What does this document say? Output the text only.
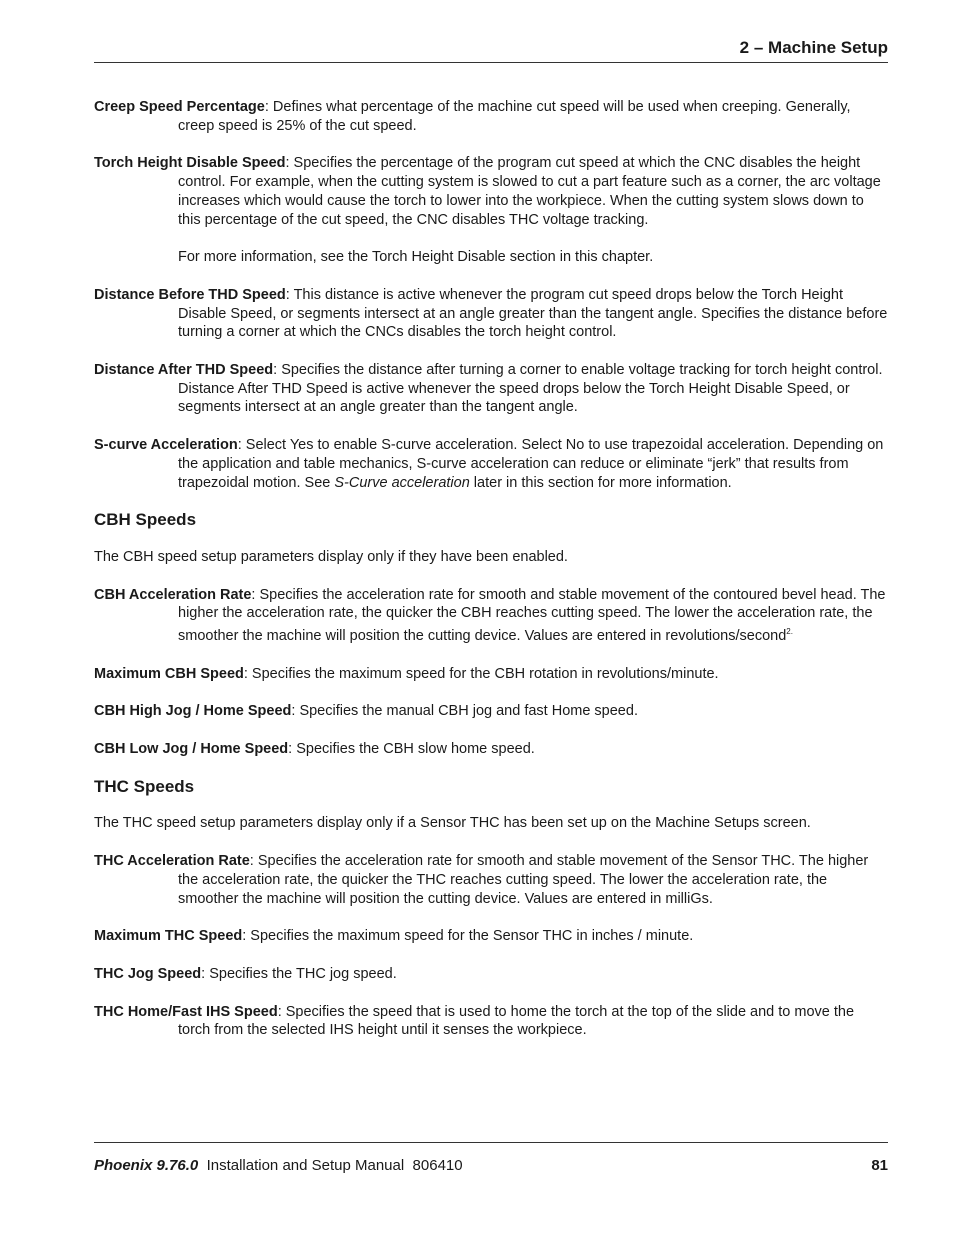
2 – Machine Setup

Creep Speed Percentage: Defines what percentage of the machine cut speed will be used when creeping. Generally, creep speed is 25% of the cut speed.

Torch Height Disable Speed: Specifies the percentage of the program cut speed at which the CNC disables the height control. For example, when the cutting system is slowed to cut a part feature such as a corner, the arc voltage increases which would cause the torch to lower into the workpiece. When the cutting system slows down to this percentage of the cut speed, the CNC disables THC voltage tracking.

For more information, see the Torch Height Disable section in this chapter.

Distance Before THD Speed: This distance is active whenever the program cut speed drops below the Torch Height Disable Speed, or segments intersect at an angle greater than the tangent angle. Specifies the distance before turning a corner at which the CNCs disables the torch height control.

Distance After THD Speed: Specifies the distance after turning a corner to enable voltage tracking for torch height control. Distance After THD Speed is active whenever the speed drops below the Torch Height Disable Speed, or segments intersect at an angle greater than the tangent angle.

S-curve Acceleration: Select Yes to enable S-curve acceleration. Select No to use trapezoidal acceleration. Depending on the application and table mechanics, S-curve acceleration can reduce or eliminate “jerk” that results from trapezoidal motion. See S-Curve acceleration later in this section for more information.

CBH Speeds

The CBH speed setup parameters display only if they have been enabled.

CBH Acceleration Rate: Specifies the acceleration rate for smooth and stable movement of the contoured bevel head. The higher the acceleration rate, the quicker the CBH reaches cutting speed. The lower the acceleration rate, the smoother the machine will position the cutting device. Values are entered in revolutions/second$^{2.}$

Maximum CBH Speed: Specifies the maximum speed for the CBH rotation in revolutions/minute.

CBH High Jog / Home Speed: Specifies the manual CBH jog and fast Home speed.

CBH Low Jog / Home Speed: Specifies the CBH slow home speed.

THC Speeds

The THC speed setup parameters display only if a Sensor THC has been set up on the Machine Setups screen.

THC Acceleration Rate: Specifies the acceleration rate for smooth and stable movement of the Sensor THC. The higher the acceleration rate, the quicker the THC reaches cutting speed. The lower the acceleration rate, the smoother the machine will position the cutting device. Values are entered in milliGs.

Maximum THC Speed: Specifies the maximum speed for the Sensor THC in inches / minute.

THC Jog Speed: Specifies the THC jog speed.

THC Home/Fast IHS Speed: Specifies the speed that is used to home the torch at the top of the slide and to move the torch from the selected IHS height until it senses the workpiece.

Phoenix 9.76.0 Installation and Setup Manual 806410	81
